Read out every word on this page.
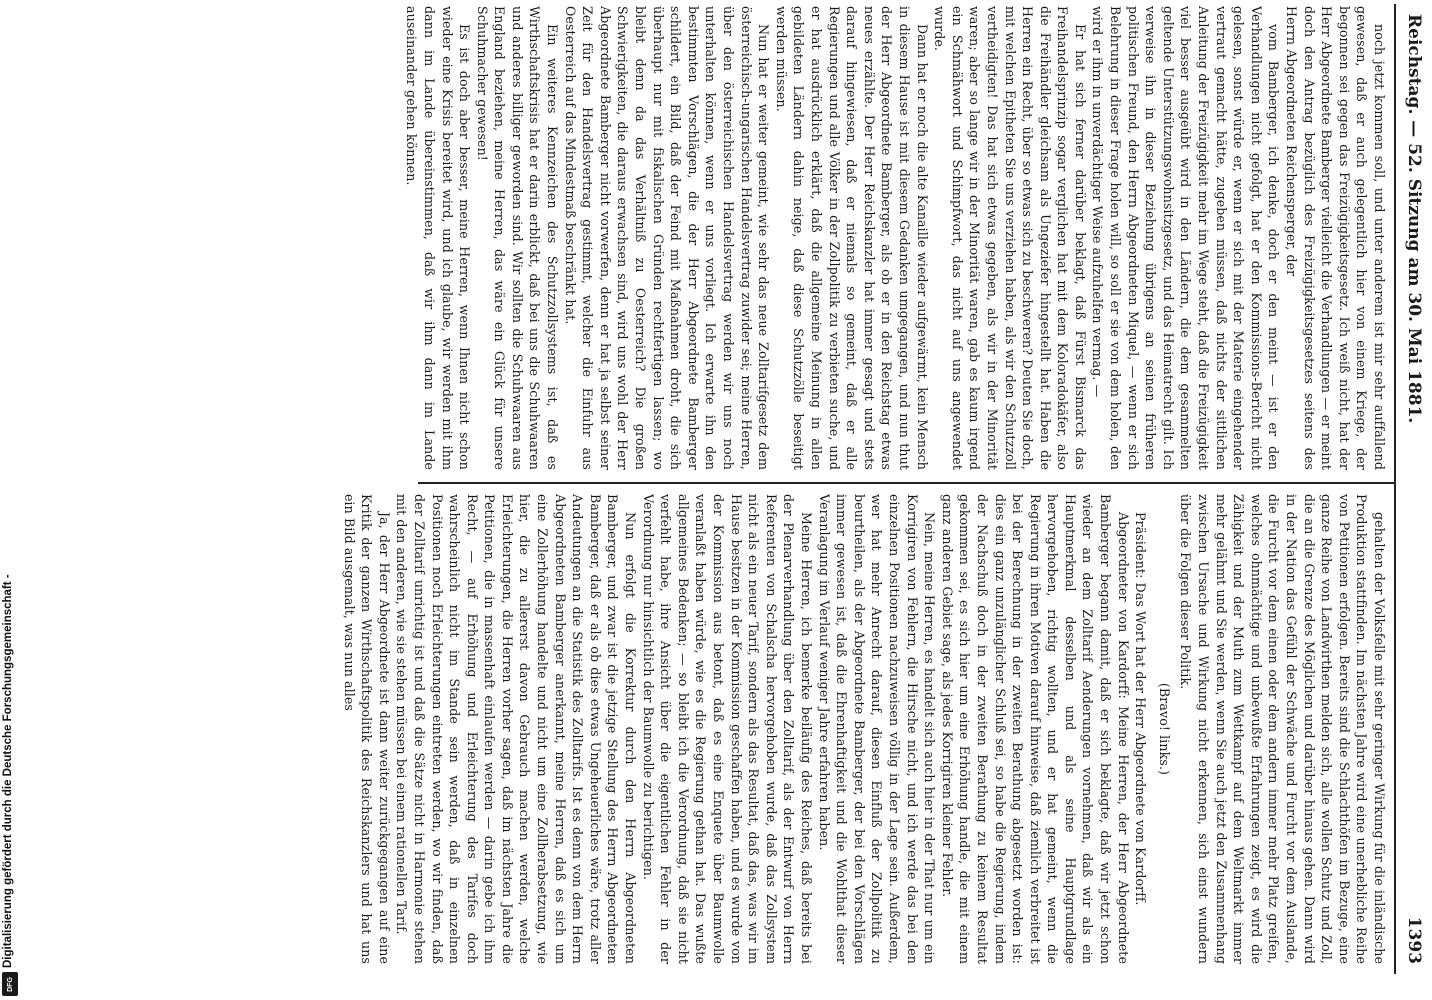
Digitalisierung gefördert durch die Deutsche Forschungsgemeinschaft -
DFG
Reichstag. — 52. Sitzung am 30. Mai 1881.
1393

noch jetzt kommen soll, und unter anderem ist mir sehr auffallend gewesen, daß er auch gelegentlich hier von einem Kriege, der begonnen sei gegen das Freizügigkeitsgesetz. Ich weiß nicht, hat der Herr Abgeordnete Bamberger vielleicht die Verhandlungen — er meint doch den Antrag bezüglich des Freizügigkeitsgesetzes seitens des Herrn Abgeordneten Reichensperger, der

vom Bamberger, ich denke, doch er den meint — ist er den Verhandlungen nicht gefolgt, hat er den Kommissions-Bericht nicht gelesen, sonst würde er, wenn er sich mit der Materie eingehender vertraut gemacht hätte, zugeben müssen, daß nichts der sittlichen Anleitung der Freizügigkeit mehr im Wege steht, daß die Freizügigkeit viel besser ausgeübt wird in den Ländern, die dem gesammelten geltende Unterstützungswohnsitzgesetz, und das Heimatrecht gilt. Ich verweise ihn in dieser Beziehung übrigens an seinen früheren politischen Freund, den Herrn Abgeordneten Miquel, — wenn er sich Belehrung in dieser Frage holen will, so soll er sie von dem holen, den wird er ihm in unverdächtiger Weise aufzuhelfen vermag. —

Er hat sich ferner darüber beklagt, daß Fürst Bismarck das Freihandelsprinzip sogar verglichen hat mit dem Koloradokäfer, also die Freihändler gleichsam als Ungeziefer hingestellt hat. Haben die Herren ein Recht, über so etwas sich zu beschweren? Deuten Sie doch, mit welchen Epitheten Sie uns verziehen haben, als wir den Schutzzoll vertheidigten! Das hat sich etwas gegeben, als wir in der Minorität waren; aber so lange wir in der Minorität waren, gab es kaum irgend ein Schmähwort und Schimpfwort, das nicht auf uns angewendet wurde.

Dann hat er noch die alte Kanaille wieder aufgewärmt, kein Mensch in diesem Hause ist mit diesem Gedanken umgegangen, und nun thut der Herr Abgeordnete Bamberger, als ob er in den Reichstag etwas neues erzählte. Der Herr Reichskanzler hat immer gesagt und stets darauf hingewiesen, daß er niemals so gemeint, daß er alle Regierungen und alle Völker in der Zollpolitik zu verbieten suche, und er hat ausdrücklich erklärt, daß die allgemeine Meinung in allen gebildeten Ländern dahin neige, daß diese Schutzzölle beseitigt werden müssen.

Nun hat er weiter gemeint, wie sehr das neue Zolltarifgesetz dem österreichisch-ungarischen Handelsvertrag zuwider sei; meine Herren, über den österreichischen Handelsvertrag werden wir uns noch unterhalten können, wenn er uns vorliegt. Ich erwarte ihn den bestimmten Vorschlägen, die der Herr Abgeordnete Bamberger schildert, ein Bild, daß der Feind mit Maßnahmen droht, die sich überhaupt nur mit fiskalischen Gründen rechtfertigen lassen; wo bleibt denn da das Verhältniß zu Oesterreich? Die großen Schwierigkeiten, die daraus erwachsen sind, wird uns wohl der Herr Abgeordnete Bamberger nicht vorwerfen, denn er hat ja selbst seiner Zeit für den Handelsvertrag gestimmt, welcher die Einfuhr aus Oesterreich auf das Mindestmaß beschränkt hat.

Ein weiteres Kennzeichen des Schutzzollsystems ist, daß es Wirthschaftskrisis hat er darin erblickt, daß bei uns die Schuhwaaren und anderes billiger geworden sind. Wir sollten die Schuhwaaren aus England beziehen, meine Herren, das wäre ein Glück für unsere Schuhmacher gewesen!

Es ist doch aber besser, meine Herren, wenn Ihnen nicht schon wieder eine Krisis bereitet wird, und ich glaube, wir werden mit ihm dann im Lande übereinstimmen, daß wir ihm dann im Lande auseinander gehen können.

gehalten der Volksfelle mit sehr geringer Wirkung für die inländische Produktion stattfinden. Im nächsten Jahre wird eine unerhebliche Reihe von Petitionen erfolgen. Bereits sind die Schlachthöfen im Bezuge, eine ganze Reihe von Landwirthen melden sich, alle wollen Schutz und Zoll, die an die Grenze des Möglichen und darüber hinaus gehen. Dann wird in der Nation das Gefühl der Schwäche und Furcht vor dem Auslande, die Furcht vor dem einen oder dem andern immer mehr Platz greifen, welches ohnmächtige und unbewußte Erfahrungen zeigt, es wird die Zähigkeit und der Muth zum Wettkampf auf dem Weltmarkt immer mehr gelähmt und Sie werden, wenn Sie auch jetzt den Zusammenhang zwischen Ursache und Wirkung nicht erkennen, sich einst wundern über die Folgen dieser Politik.

(Bravo! links.)

Präsident: Das Wort hat der Herr Abgeordnete von Kardorff.

Abgeordneter von Kardorff: Meine Herren, der Herr Abgeordnete Bamberger begann damit, daß er sich beklagte, daß wir jetzt schon wieder an dem Zolltarif Aenderungen vornehmen, daß wir als ein Hauptmerkmal desselben und als seine Hauptgrundlage hervorgehoben, richtig wollten, und er hat gemeint, wenn die Regierung in ihren Motiven darauf hinweise, daß ziemlich verbreitet ist bei der Berechnung in der zweiten Berathung abgesetzt worden ist: dies ein ganz unzulänglicher Schluß sei, so habe die Regierung, indem der Nachschuß doch in der zweiten Berathung zu keinem Resultat gekommen sei, es sich hier um eine Erhöhung handle, die mit einem ganz anderen Gebiet sage, als jedes Korrigiren kleiner Fehler.

Nein, meine Herren, es handelt sich auch hier in der That nur um ein Korrigiren von Fehlern, die Hirsche nicht, und ich werde das bei den einzelnen Positionen nachzuweisen völlig in der Lage sein. Außerdem, wer hat mehr Anrecht darauf, diesen Einfluß der Zollpolitik zu beurtheilen, als der Abgeordnete Bamberger, der bei den Vorschlägen immer gewesen ist, daß die Ehrenhaftigkeit und die Wohlthat dieser Veranlagung im Verlauf weniger Jahre erfahren haben.

Meine Herren, ich bemerke beiläufig des Reiches, daß bereits bei der Plenarverhandlung über den Zolltarif, als der Entwurf von Herrn Referenten von Schalscha hervorgehoben wurde, daß das Zollsystem nicht als ein neuer Tarif, sondern als das Resultat, daß das, was wir im Hause besitzen in der Kommission geschaffen haben, und es wurde von der Kommission aus betont, daß es eine Enquete über Baumwolle veranlaßt haben würde, wie es die Regierung gethan hat. Das wußte allgemeines Bedenken; — so bleibt ich die Verordnung, daß sie nicht verfehlt habe, ihre Ansicht über die eigentlichen Fehler in der Verordnung nur hinsichtlich der Baumwolle zu berichtigen.

Nun erfolgt die Korrektur durch den Herrn Abgeordneten Bamberger, und zwar ist die jetzige Stellung des Herrn Abgeordneten Bamberger, daß er als ob dies etwas Ungeheuerliches wäre, trotz aller Andeutungen an die Statistik des Zolltarifs. Ist es denn von dem Herrn Abgeordneten Bamberger anerkannt, meine Herren, daß es sich um eine Zollerhöhung handelte und nicht um eine Zollherabsetzung, wie hier, die zu allererst davon Gebrauch machen werden, welche Erleichterungen, die Herren vorher sagen, daß im nächsten Jahre die Petitionen, die in massenhaft einlaufen werden — darin gebe ich ihm Recht, — auf Erhöhung und Erleichterung des Tarifes doch wahrscheinlich nicht im Stande sein werden, daß in einzelnen Positionen noch Erleichterungen eintreten werden, wo wir finden, daß der Zolltarif unrichtig ist und daß die Sätze nicht in Harmonie stehen mit den anderen, wie sie stehen müssen bei einem rationellen Tarif.

Ja, der Herr Abgeordnete ist dann weiter zurückgegangen auf eine Kritik der ganzen Wirthschaftspolitik des Reichskanzlers und hat uns ein Bild ausgemalt, was nun alles
